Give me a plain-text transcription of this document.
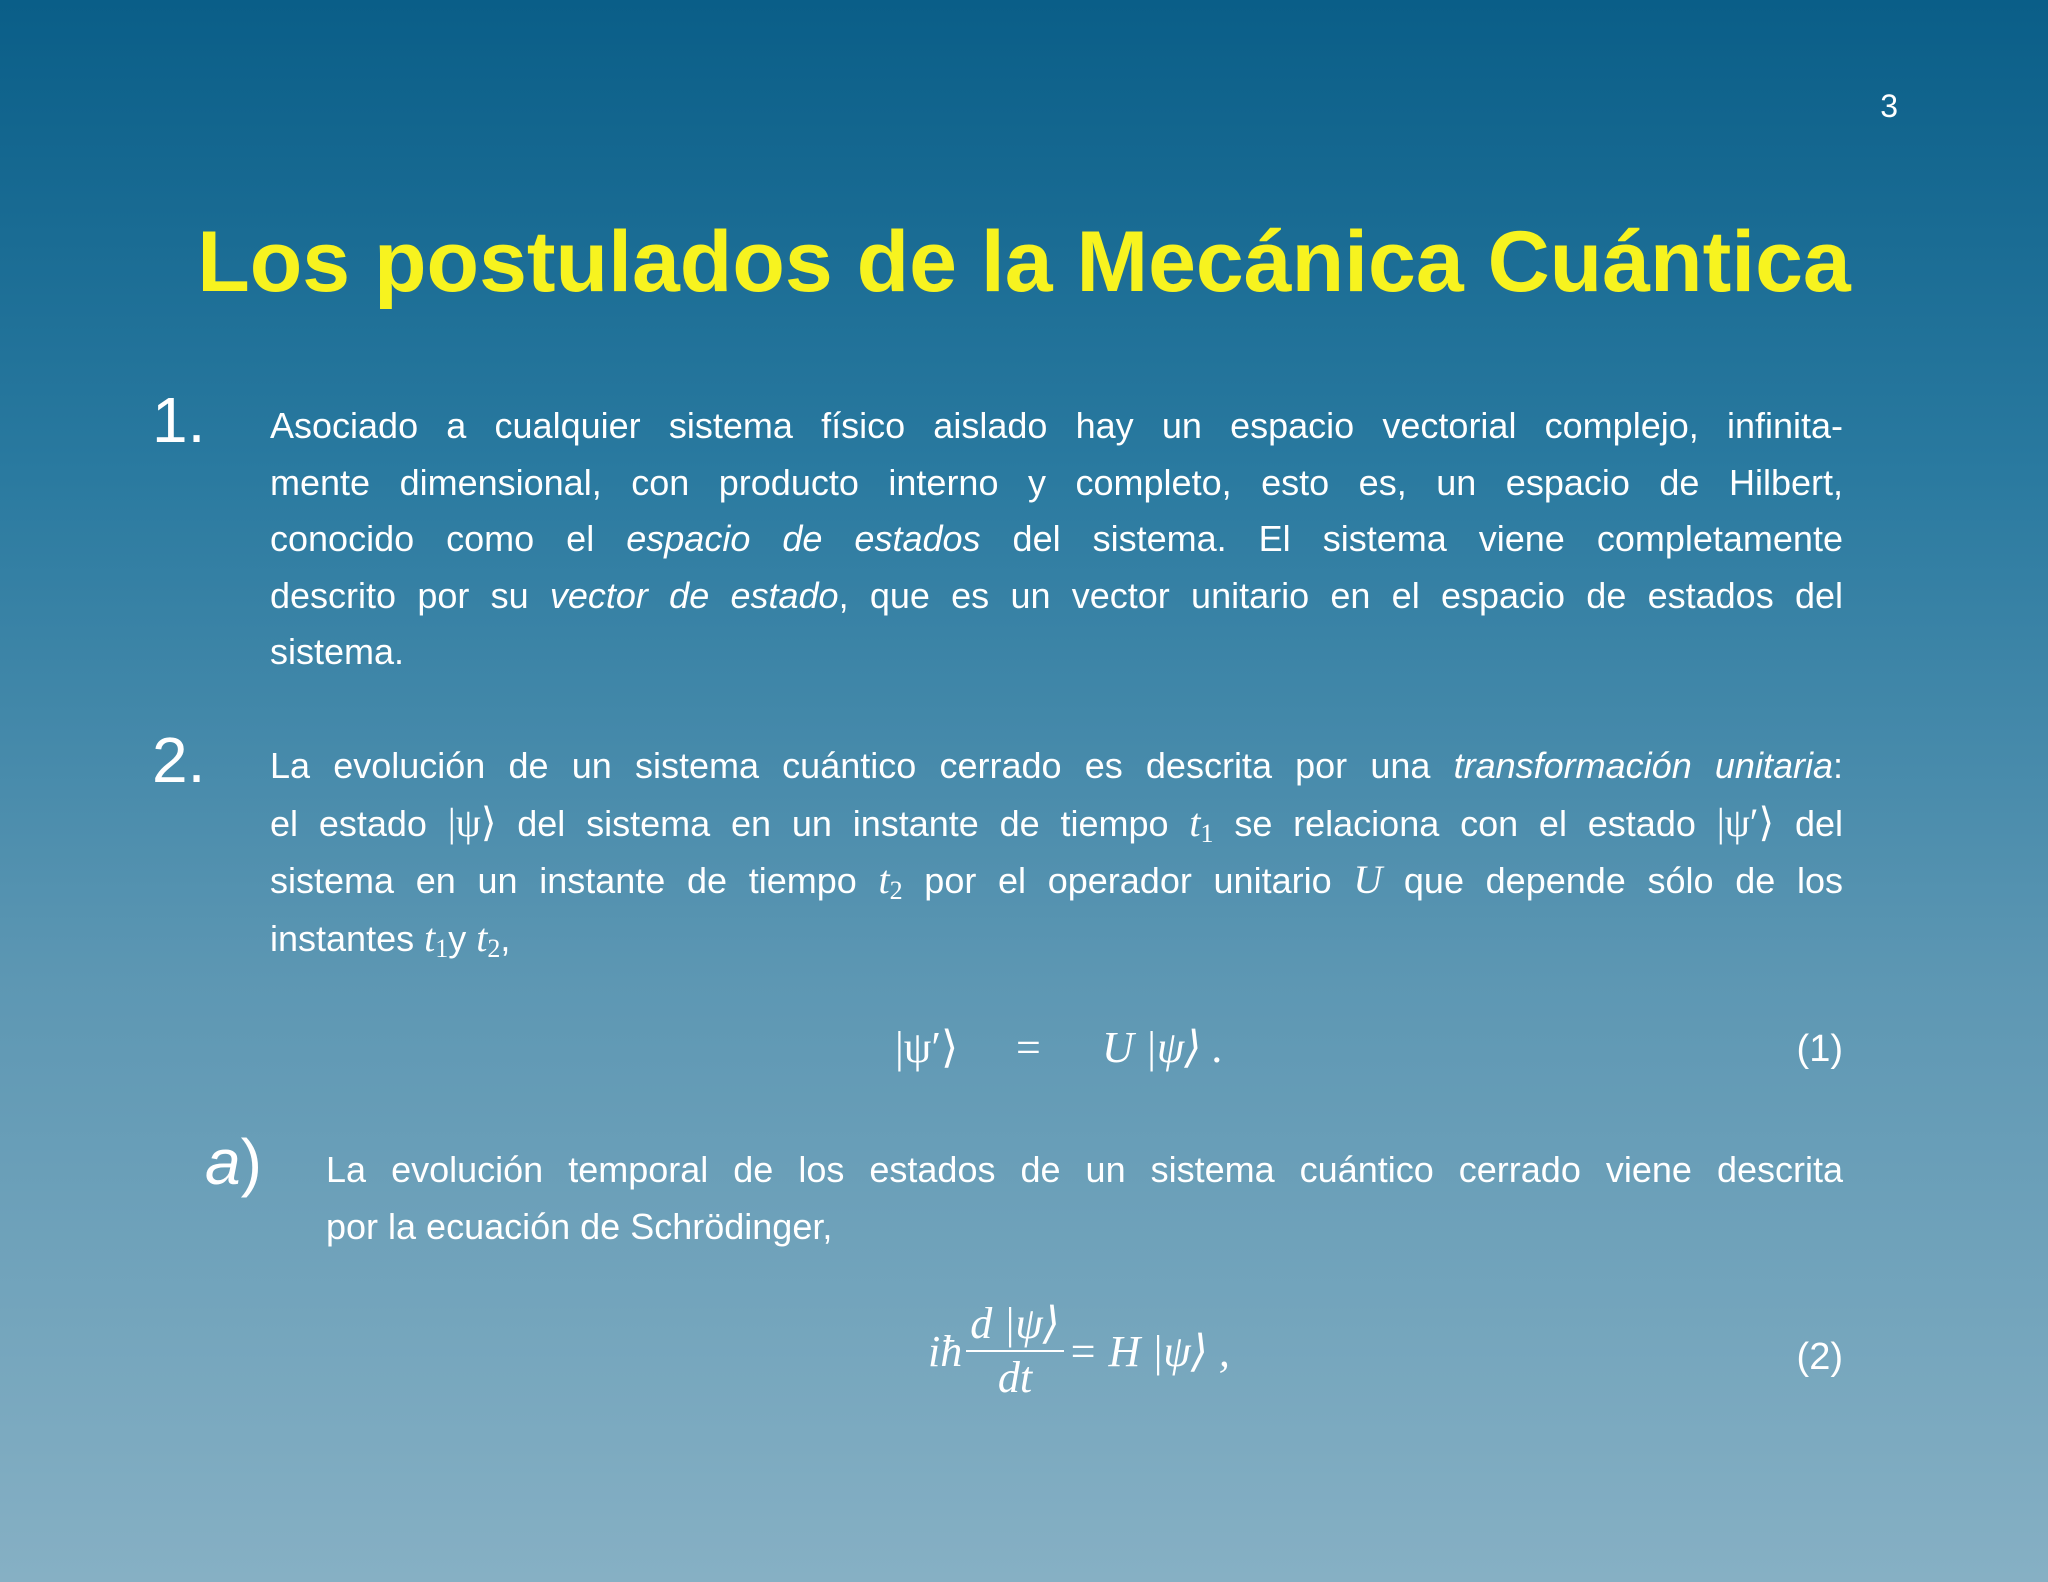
3
Los postulados de la Mecánica Cuántica
1. Asociado a cualquier sistema físico aislado hay un espacio vectorial complejo, infinita-
mente dimensional, con producto interno y completo, esto es, un espacio de Hilbert,
conocido como el espacio de estados del sistema. El sistema viene completamente
descrito por su vector de estado, que es un vector unitario en el espacio de estados del
sistema.
2. La evolución de un sistema cuántico cerrado es descrita por una transformación unitaria:
el estado |ψ⟩ del sistema en un instante de tiempo $t_1$ se relaciona con el estado |ψ′⟩ del
sistema en un instante de tiempo $t_2$ por el operador unitario U que depende sólo de los
instantes $t_1y$ $t_2$,
|ψ′⟩ = U |ψ⟩ .	(1)
a) La evolución temporal de los estados de un sistema cuántico cerrado viene descrita
por la ecuación de Schrödinger,
iħ $\frac{d |\psi⟩}{dt} = H$ |ψ⟩ ,	(2)
